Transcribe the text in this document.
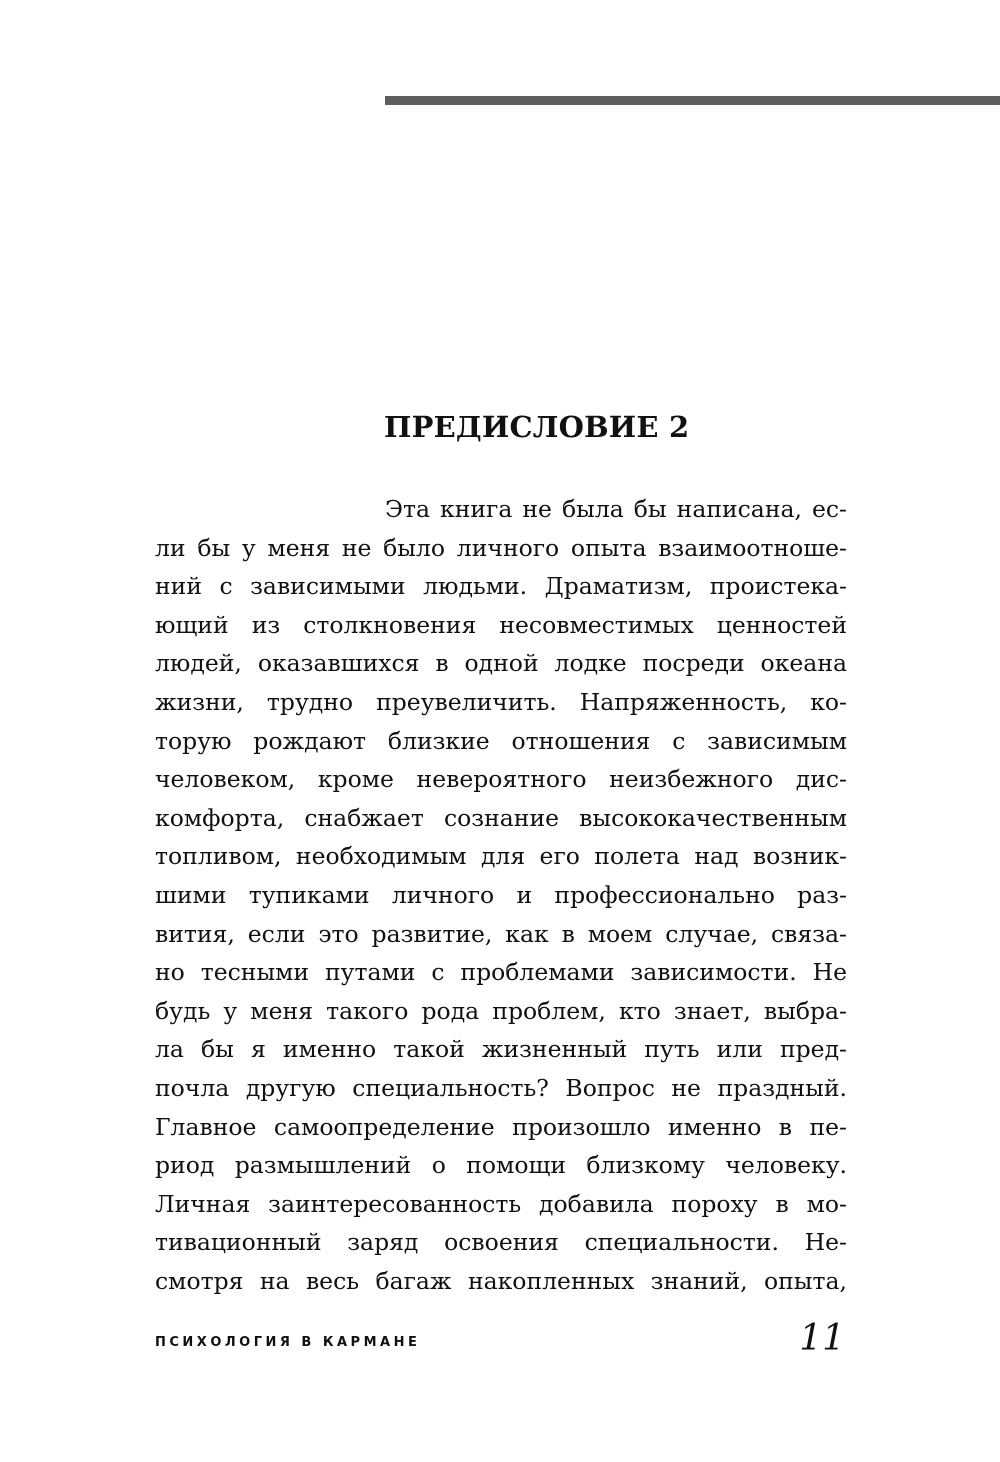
ПРЕДИСЛОВИЕ 2
Эта книга не была бы написана, ес-
ли бы у меня не было личного опыта взаимоотноше-
ний с зависимыми людьми. Драматизм, проистека-
ющий из столкновения несовместимых ценностей
людей, оказавшихся в одной лодке посреди океана
жизни, трудно преувеличить. Напряженность, ко-
торую рождают близкие отношения с зависимым
человеком, кроме невероятного неизбежного дис-
комфорта, снабжает сознание высококачественным
топливом, необходимым для его полета над возник-
шими тупиками личного и профессионально раз-
вития, если это развитие, как в моем случае, связа-
но тесными путами с проблемами зависимости. Не
будь у меня такого рода проблем, кто знает, выбра-
ла бы я именно такой жизненный путь или пред-
почла другую специальность? Вопрос не праздный.
Главное самоопределение произошло именно в пе-
риод размышлений о помощи близкому человеку.
Личная заинтересованность добавила пороху в мо-
тивационный заряд освоения специальности. Не-
смотря на весь багаж накопленных знаний, опыта,
ПСИХОЛОГИЯ В КАРМАНЕ	11
